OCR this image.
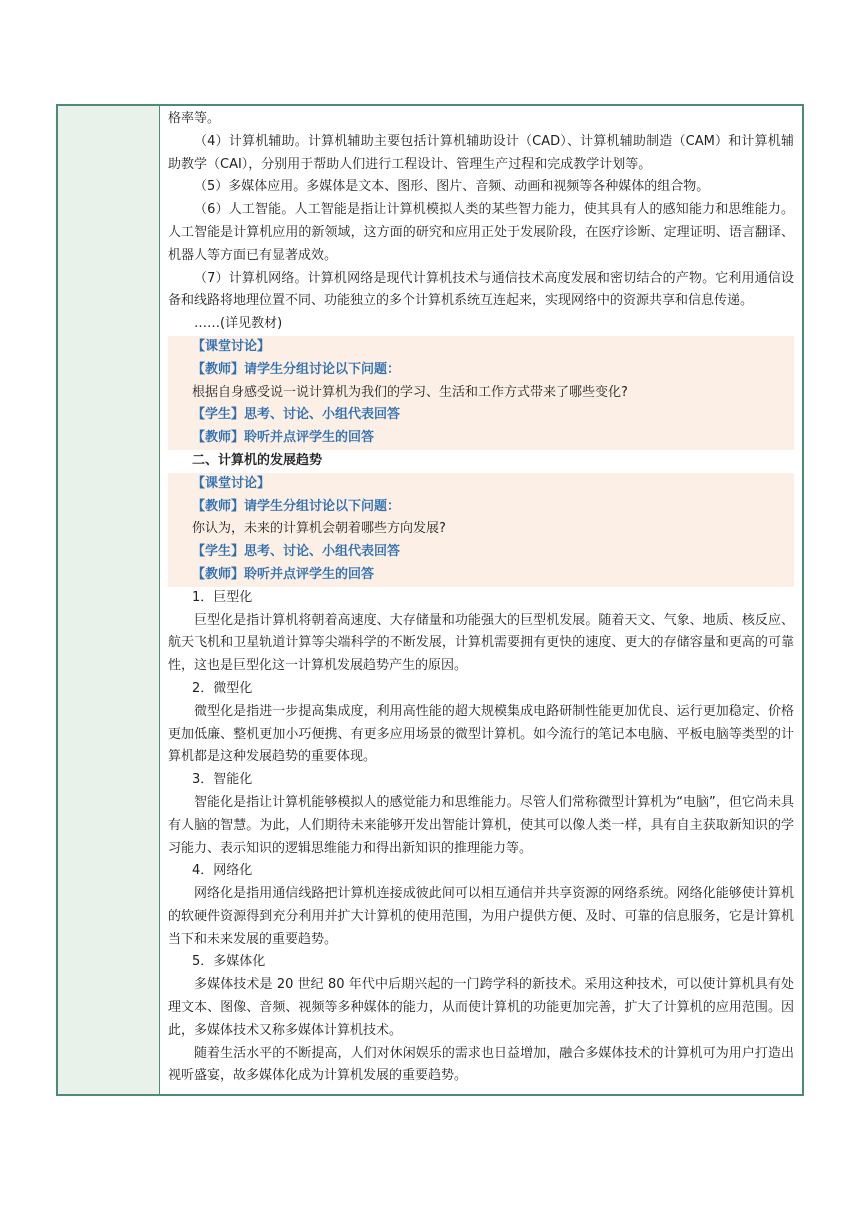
格率等。

（4）计算机辅助。计算机辅助主要包括计算机辅助设计（CAD）、计算机辅助制造（CAM）和计算机辅助教学（CAI），分别用于帮助人们进行工程设计、管理生产过程和完成教学计划等。

（5）多媒体应用。多媒体是文本、图形、图片、音频、动画和视频等各种媒体的组合物。

（6）人工智能。人工智能是指让计算机模拟人类的某些智力能力，使其具有人的感知能力和思维能力。人工智能是计算机应用的新领域，这方面的研究和应用正处于发展阶段，在医疗诊断、定理证明、语言翻译、机器人等方面已有显著成效。

（7）计算机网络。计算机网络是现代计算机技术与通信技术高度发展和密切结合的产物。它利用通信设备和线路将地理位置不同、功能独立的多个计算机系统互连起来，实现网络中的资源共享和信息传递。

……(详见教材)

【课堂讨论】

【教师】请学生分组讨论以下问题：

根据自身感受说一说计算机为我们的学习、生活和工作方式带来了哪些变化?

【学生】思考、讨论、小组代表回答

【教师】聆听并点评学生的回答

二、计算机的发展趋势

【课堂讨论】

【教师】请学生分组讨论以下问题：

你认为，未来的计算机会朝着哪些方向发展?

【学生】思考、讨论、小组代表回答

【教师】聆听并点评学生的回答

1．巨型化

巨型化是指计算机将朝着高速度、大存储量和功能强大的巨型机发展。随着天文、气象、地质、核反应、航天飞机和卫星轨道计算等尖端科学的不断发展，计算机需要拥有更快的速度、更大的存储容量和更高的可靠性，这也是巨型化这一计算机发展趋势产生的原因。

2．微型化

微型化是指进一步提高集成度，利用高性能的超大规模集成电路研制性能更加优良、运行更加稳定、价格更加低廉、整机更加小巧便携、有更多应用场景的微型计算机。如今流行的笔记本电脑、平板电脑等类型的计算机都是这种发展趋势的重要体现。

3．智能化

智能化是指让计算机能够模拟人的感觉能力和思维能力。尽管人们常称微型计算机为“电脑”，但它尚未具有人脑的智慧。为此，人们期待未来能够开发出智能计算机，使其可以像人类一样，具有自主获取新知识的学习能力、表示知识的逻辑思维能力和得出新知识的推理能力等。

4．网络化

网络化是指用通信线路把计算机连接成彼此间可以相互通信并共享资源的网络系统。网络化能够使计算机的软硬件资源得到充分利用并扩大计算机的使用范围，为用户提供方便、及时、可靠的信息服务，它是计算机当下和未来发展的重要趋势。

5．多媒体化

多媒体技术是 20 世纪 80 年代中后期兴起的一门跨学科的新技术。采用这种技术，可以使计算机具有处理文本、图像、音频、视频等多种媒体的能力，从而使计算机的功能更加完善，扩大了计算机的应用范围。因此，多媒体技术又称多媒体计算机技术。

随着生活水平的不断提高，人们对休闲娱乐的需求也日益增加，融合多媒体技术的计算机可为用户打造出视听盛宴，故多媒体化成为计算机发展的重要趋势。
